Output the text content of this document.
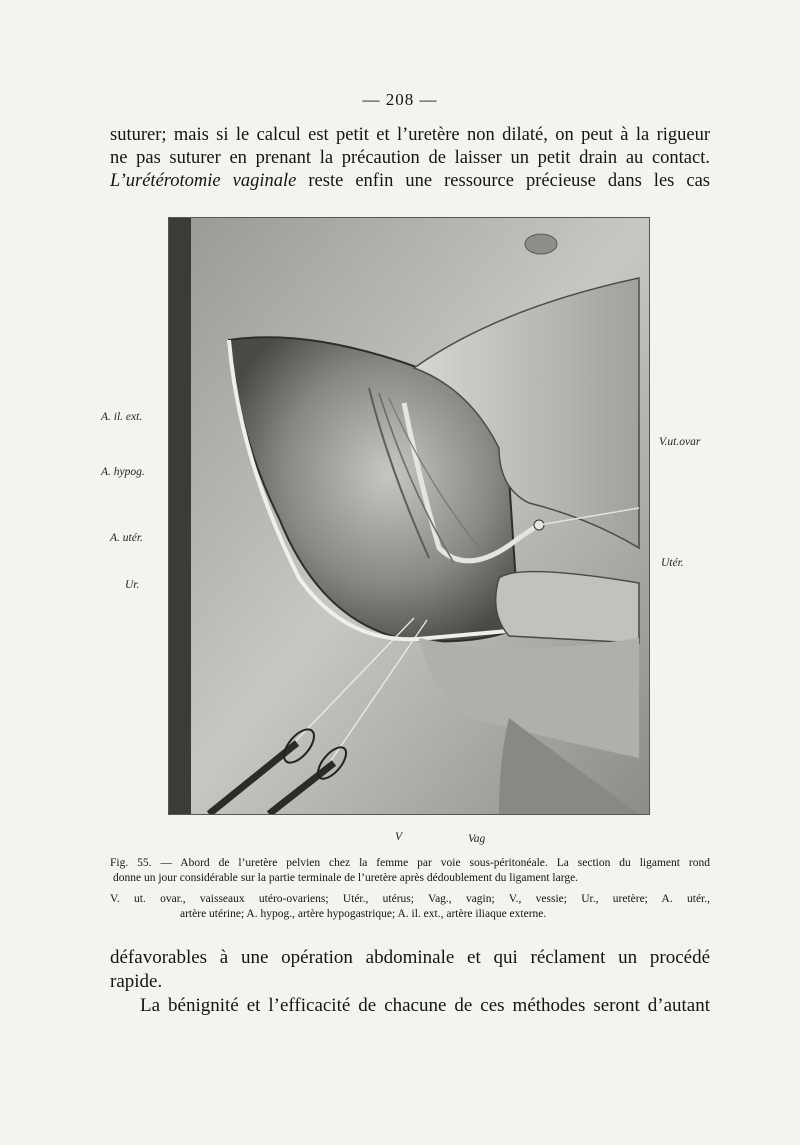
— 208 —
suturer; mais si le calcul est petit et l’uretère non dilaté, on peut à la rigueur
ne pas suturer en prenant la précaution de laisser un petit drain au contact.
L’urétérotomie vaginale reste enfin une ressource précieuse dans les cas
A. il. ext.
A. hypog.
A. utér.
Ur.
V.ut.ovar
Utér.
V	Vag
Fig. 55. — Abord de l’uretère pelvien chez la femme par voie sous-péritonéale. La section du ligament rond
donne un jour considérable sur la partie terminale de l’uretère après dédoublement du ligament large.
V. ut. ovar., vaisseaux utéro-ovariens; Utér., utérus; Vag., vagin; V., vessie; Ur., uretère; A. utér.,
artère utérine; A. hypog., artère hypogastrique; A. il. ext., artère iliaque externe.
défavorables à une opération abdominale et qui réclament un procédé
rapide.
La bénignité et l’efficacité de chacune de ces méthodes seront d’autant
